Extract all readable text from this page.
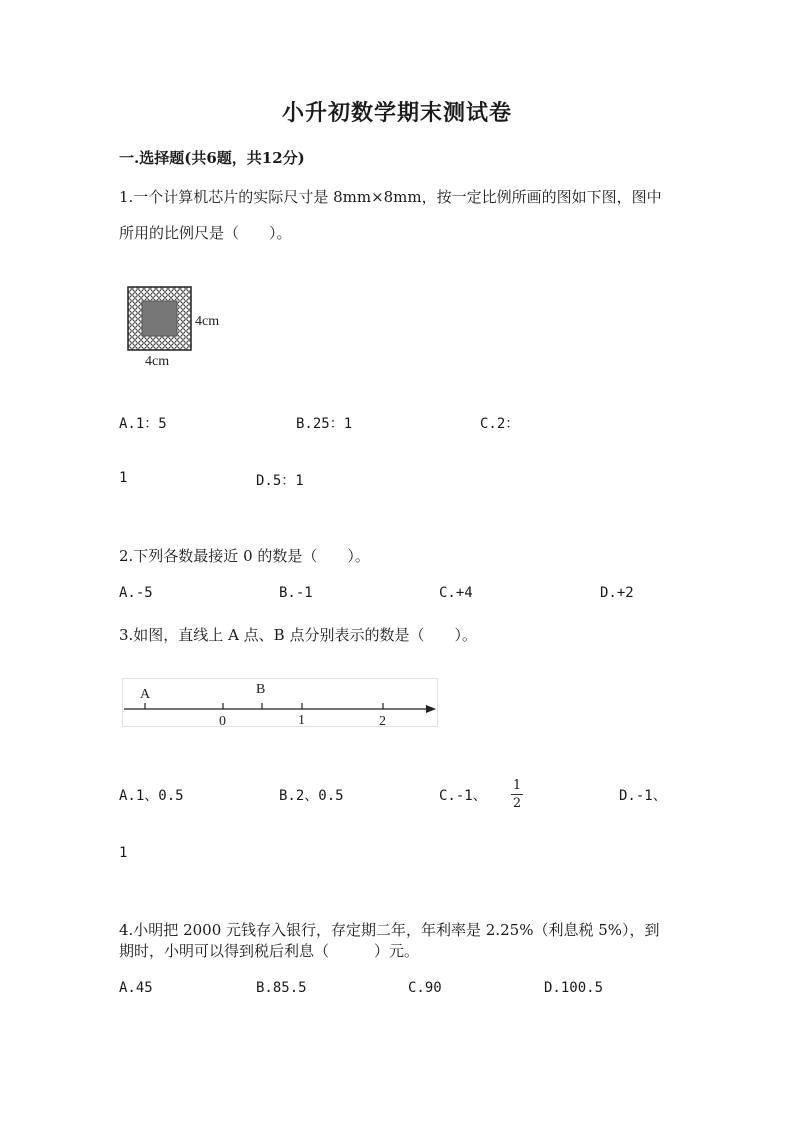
小升初数学期末测试卷
一.选择题(共6题，共12分)
1.一个计算机芯片的实际尺寸是 8mm×8mm，按一定比例所画的图如下图，图中
所用的比例尺是（　　）。
4cm
4cm
A.1：5	B.25：1	C.2：
1	D.5：1
2.下列各数最接近 0 的数是（　　）。
A.-5	B.-1	C.+4	D.+2
3.如图，直线上 A 点、B 点分别表示的数是（　　）。
A	B
0	1	2
A.1、0.5	B.2、0.5	C.-1、
1
2	D.-1、
1
4.小明把 2000 元钱存入银行，存定期二年，年利率是 2.25%（利息税 5%），到
期时，小明可以得到税后利息（　　　）元。
A.45	B.85.5	C.90	D.100.5
